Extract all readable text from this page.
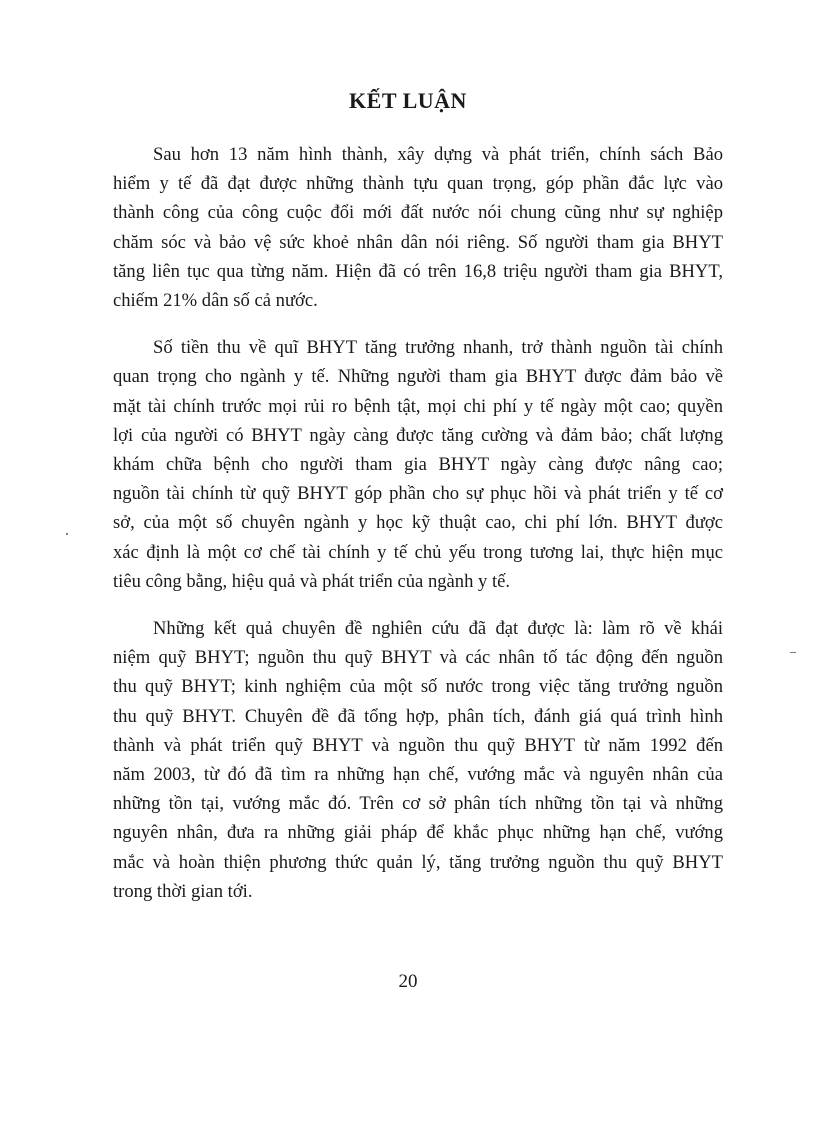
KẾT LUẬN

Sau hơn 13 năm hình thành, xây dựng và phát triển, chính sách Bảo
hiểm y tế đã đạt được những thành tựu quan trọng, góp phần đắc lực vào
thành công của công cuộc đổi mới đất nước nói chung cũng như sự nghiệp
chăm sóc và bảo vệ sức khoẻ nhân dân nói riêng. Số người tham gia BHYT
tăng liên tục qua từng năm. Hiện đã có trên 16,8 triệu người tham gia BHYT,
chiếm 21% dân số cả nước.

Số tiền thu về quĩ BHYT tăng trưởng nhanh, trở thành nguồn tài chính
quan trọng cho ngành y tế. Những người tham gia BHYT được đảm bảo về
mặt tài chính trước mọi rủi ro bệnh tật, mọi chi phí y tế ngày một cao; quyền
lợi của người có BHYT ngày càng được tăng cường và đảm bảo; chất lượng
khám chữa bệnh cho người tham gia BHYT ngày càng được nâng cao;
nguồn tài chính từ quỹ BHYT góp phần cho sự phục hồi và phát triển y tế cơ
sở, của một số chuyên ngành y học kỹ thuật cao, chi phí lớn. BHYT được
xác định là một cơ chế tài chính y tế chủ yếu trong tương lai, thực hiện mục
tiêu công bằng, hiệu quả và phát triển của ngành y tế.

Những kết quả chuyên đề nghiên cứu đã đạt được là: làm rõ về khái
niệm quỹ BHYT; nguồn thu quỹ BHYT và các nhân tố tác động đến nguồn
thu quỹ BHYT; kinh nghiệm của một số nước trong việc tăng trưởng nguồn
thu quỹ BHYT. Chuyên đề đã tổng hợp, phân tích, đánh giá quá trình hình
thành và phát triển quỹ BHYT và nguồn thu quỹ BHYT từ năm 1992 đến
năm 2003, từ đó đã tìm ra những hạn chế, vướng mắc và nguyên nhân của
những tồn tại, vướng mắc đó. Trên cơ sở phân tích những tồn tại và những
nguyên nhân, đưa ra những giải pháp để khắc phục những hạn chế, vướng
mắc và hoàn thiện phương thức quản lý, tăng trưởng nguồn thu quỹ BHYT
trong thời gian tới.

20
